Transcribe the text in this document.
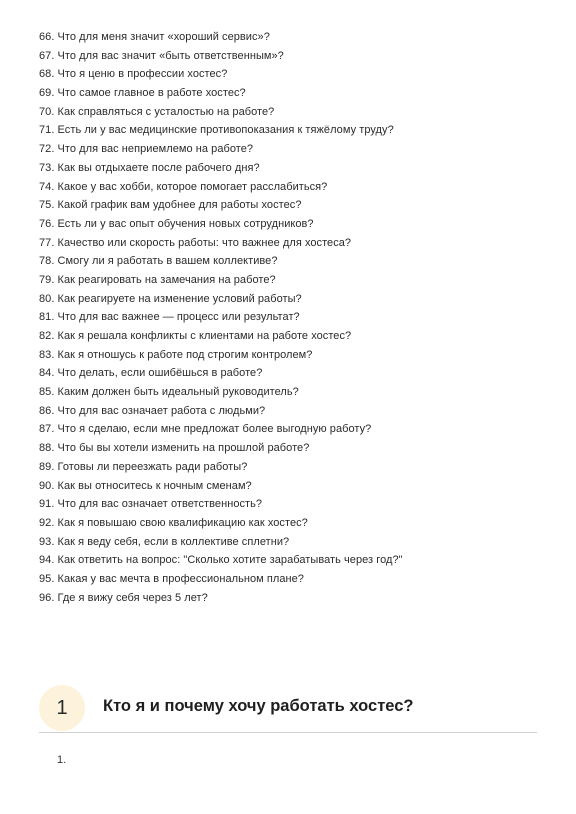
66. Что для меня значит «хороший сервис»?
67. Что для вас значит «быть ответственным»?
68. Что я ценю в профессии хостес?
69. Что самое главное в работе хостес?
70. Как справляться с усталостью на работе?
71. Есть ли у вас медицинские противопоказания к тяжёлому труду?
72. Что для вас неприемлемо на работе?
73. Как вы отдыхаете после рабочего дня?
74. Какое у вас хобби, которое помогает расслабиться?
75. Какой график вам удобнее для работы хостес?
76. Есть ли у вас опыт обучения новых сотрудников?
77. Качество или скорость работы: что важнее для хостеса?
78. Смогу ли я работать в вашем коллективе?
79. Как реагировать на замечания на работе?
80. Как реагируете на изменение условий работы?
81. Что для вас важнее — процесс или результат?
82. Как я решала конфликты с клиентами на работе хостес?
83. Как я отношусь к работе под строгим контролем?
84. Что делать, если ошибёшься в работе?
85. Каким должен быть идеальный руководитель?
86. Что для вас означает работа с людьми?
87. Что я сделаю, если мне предложат более выгодную работу?
88. Что бы вы хотели изменить на прошлой работе?
89. Готовы ли переезжать ради работы?
90. Как вы относитесь к ночным сменам?
91. Что для вас означает ответственность?
92. Как я повышаю свою квалификацию как хостес?
93. Как я веду себя, если в коллективе сплетни?
94. Как ответить на вопрос: "Сколько хотите зарабатывать через год?"
95. Какая у вас мечта в профессиональном плане?
96. Где я вижу себя через 5 лет?
1	Кто я и почему хочу работать хостес?
1.
